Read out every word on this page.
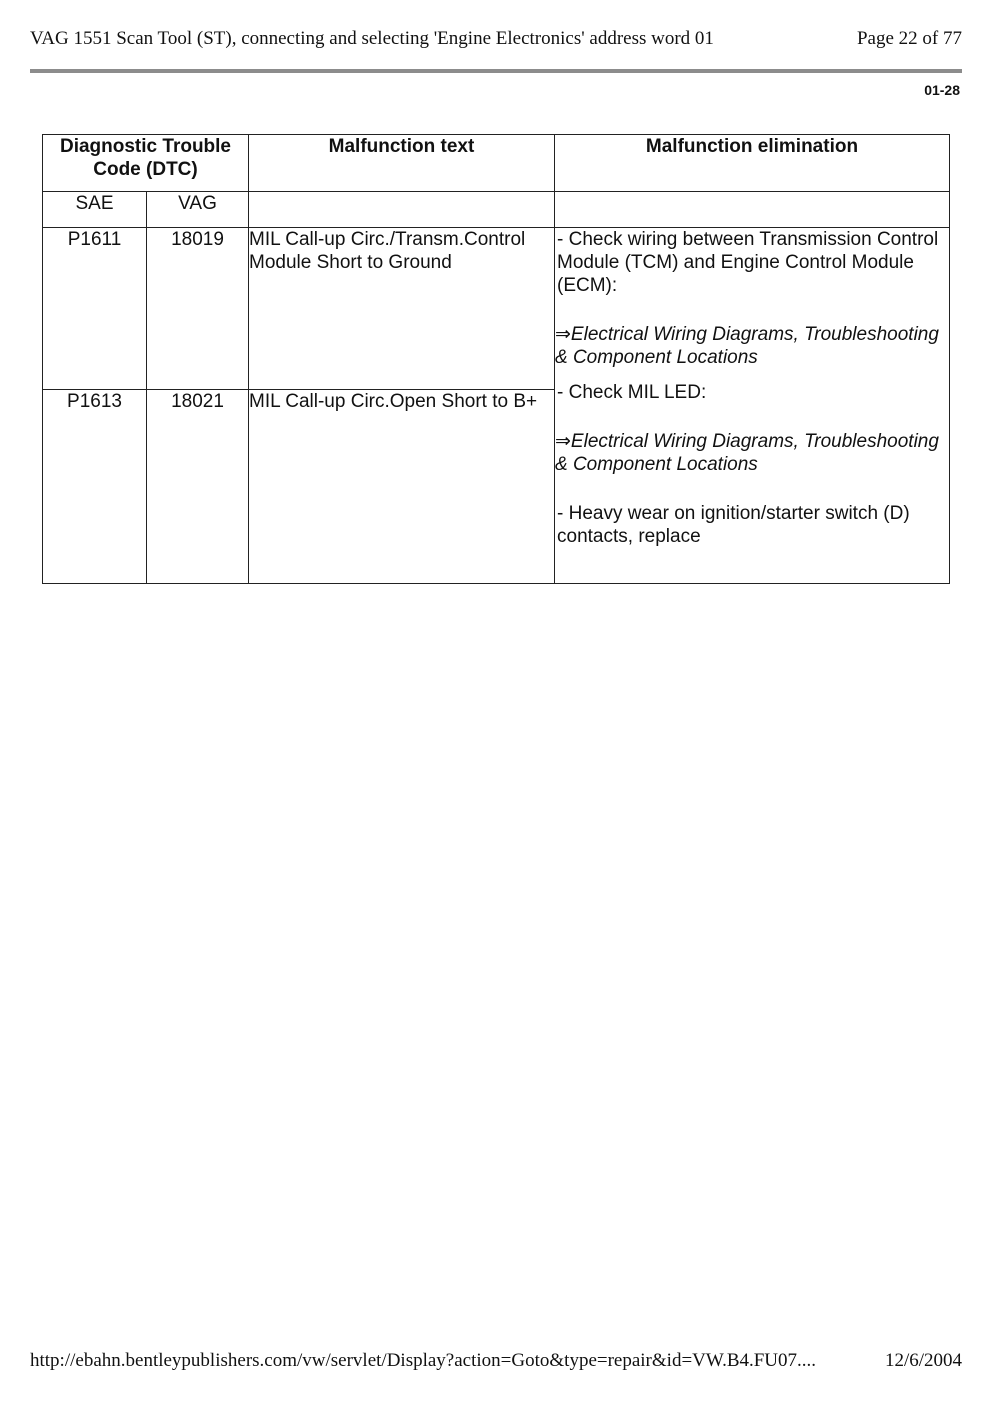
VAG 1551 Scan Tool (ST), connecting and selecting 'Engine Electronics' address word 01	Page 22 of 77
01-28
Diagnostic Trouble Code (DTC)		Malfunction text	Malfunction elimination
SAE	VAG		
P1611	18019	MIL Call-up Circ./Transm.Control Module Short to Ground	- Check wiring between Transmission Control Module (TCM) and Engine Control Module (ECM):

⇒Electrical Wiring Diagrams, Troubleshooting & Component Locations

- Check MIL LED:

⇒Electrical Wiring Diagrams, Troubleshooting & Component Locations

- Heavy wear on ignition/starter switch (D) contacts, replace

P1613	18021	MIL Call-up Circ.Open Short to B+	
http://ebahn.bentleypublishers.com/vw/servlet/Display?action=Goto&type=repair&id=VW.B4.FU07....	12/6/2004
